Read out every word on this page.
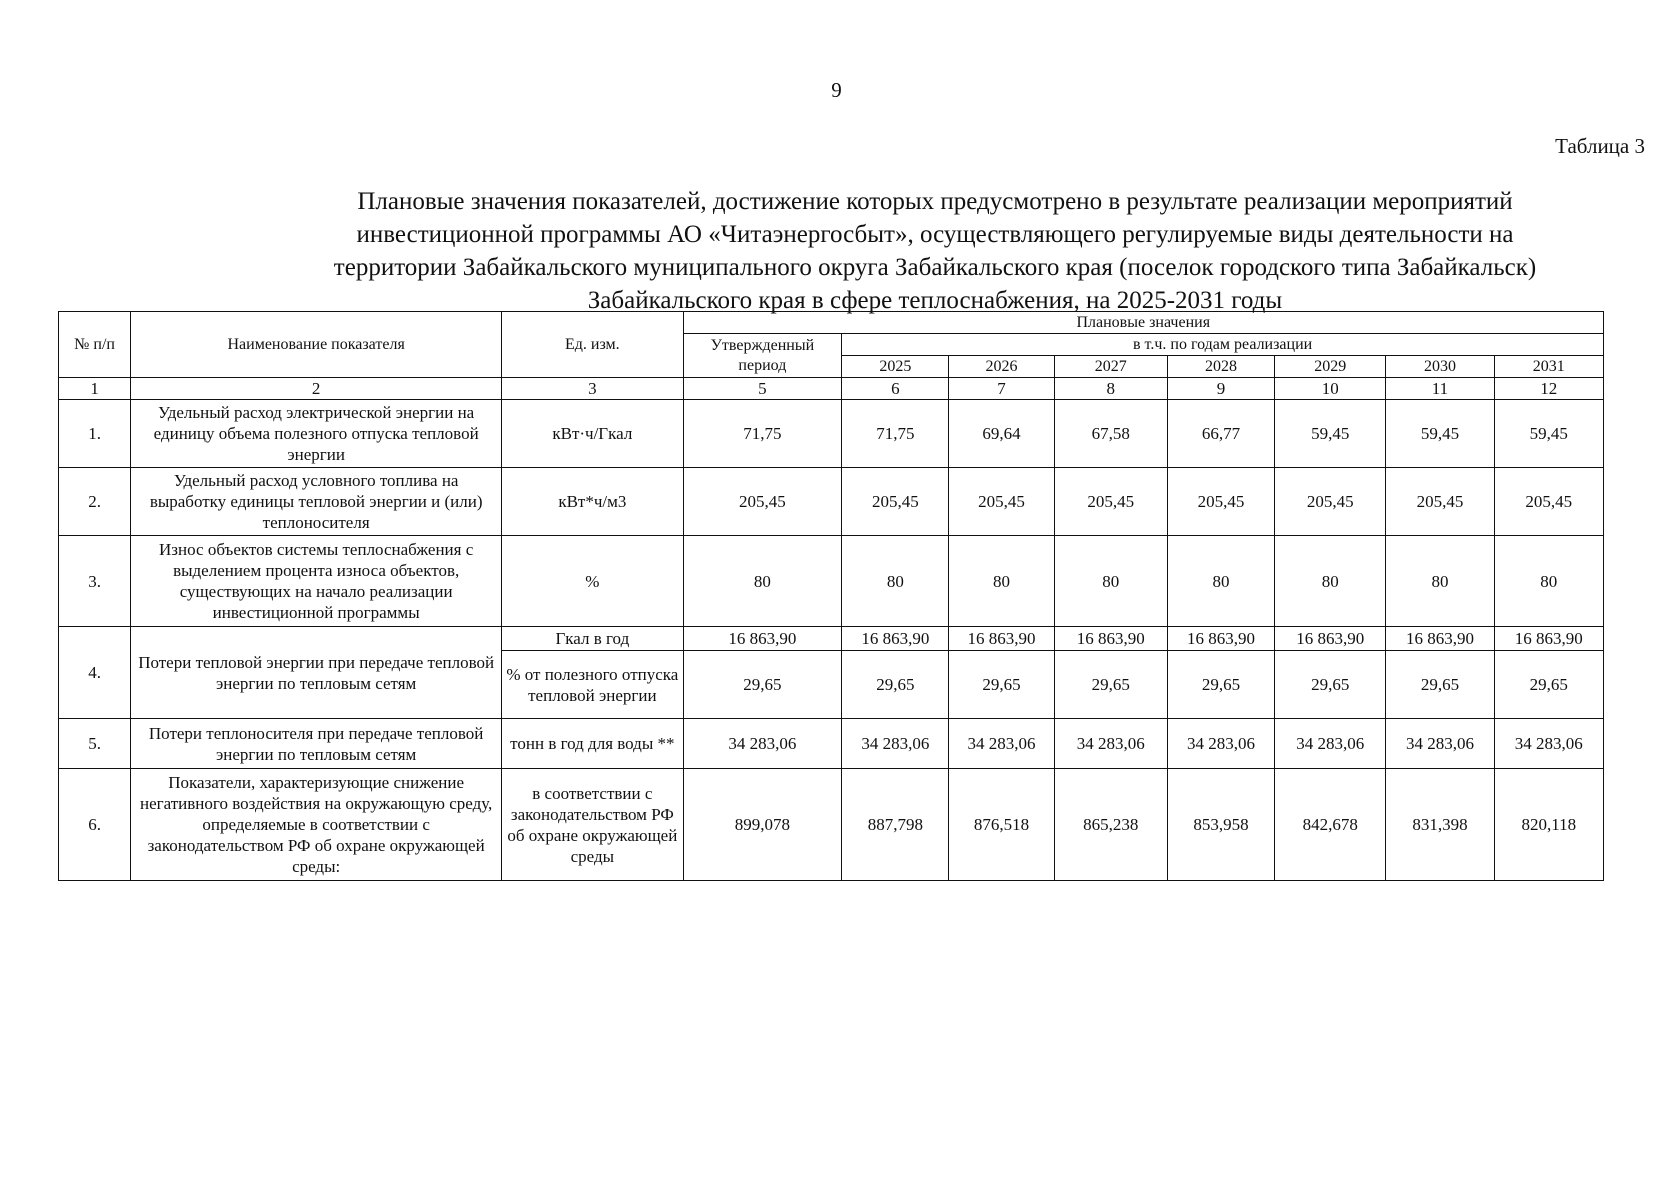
9
Таблица 3
Плановые значения показателей, достижение которых предусмотрено в результате реализации мероприятий
инвестиционной программы АО «Читаэнергосбыт», осуществляющего регулируемые виды деятельности на
территории Забайкальского муниципального округа Забайкальского края (поселок городского типа Забайкальск)
Забайкальского края в сфере теплоснабжения, на 2025-2031 годы
№ п/п	Наименование показателя	Ед. изм.	Плановые значения							
			Утвержденный период	в т.ч. по годам реализации						
				2025	2026	2027	2028	2029	2030	2031
1	2	3	5	6	7	8	9	10	11	12
1.	Удельный расход электрической энергии на единицу объема полезного отпуска тепловой энергии	кВт·ч/Гкал	71,75	71,75	69,64	67,58	66,77	59,45	59,45	59,45
2.	Удельный расход условного топлива на выработку единицы тепловой энергии и (или) теплоносителя	кВт*ч/м3	205,45	205,45	205,45	205,45	205,45	205,45	205,45	205,45
3.	Износ объектов системы теплоснабжения с выделением процента износа объектов, существующих на начало реализации инвестиционной программы	%	80	80	80	80	80	80	80	80
4.	Потери тепловой энергии при передаче тепловой энергии по тепловым сетям	Гкал в год	16 863,90	16 863,90	16 863,90	16 863,90	16 863,90	16 863,90	16 863,90	16 863,90
		% от полезного отпуска тепловой энергии	29,65	29,65	29,65	29,65	29,65	29,65	29,65	29,65
5.	Потери теплоносителя при передаче тепловой энергии по тепловым сетям	тонн в год для воды **	34 283,06	34 283,06	34 283,06	34 283,06	34 283,06	34 283,06	34 283,06	34 283,06
6.	Показатели, характеризующие снижение негативного воздействия на окружающую среду, определяемые в соответствии с законодательством РФ об охране окружающей среды:	в соответствии с законодательством РФ об охране окружающей среды	899,078	887,798	876,518	865,238	853,958	842,678	831,398	820,118
